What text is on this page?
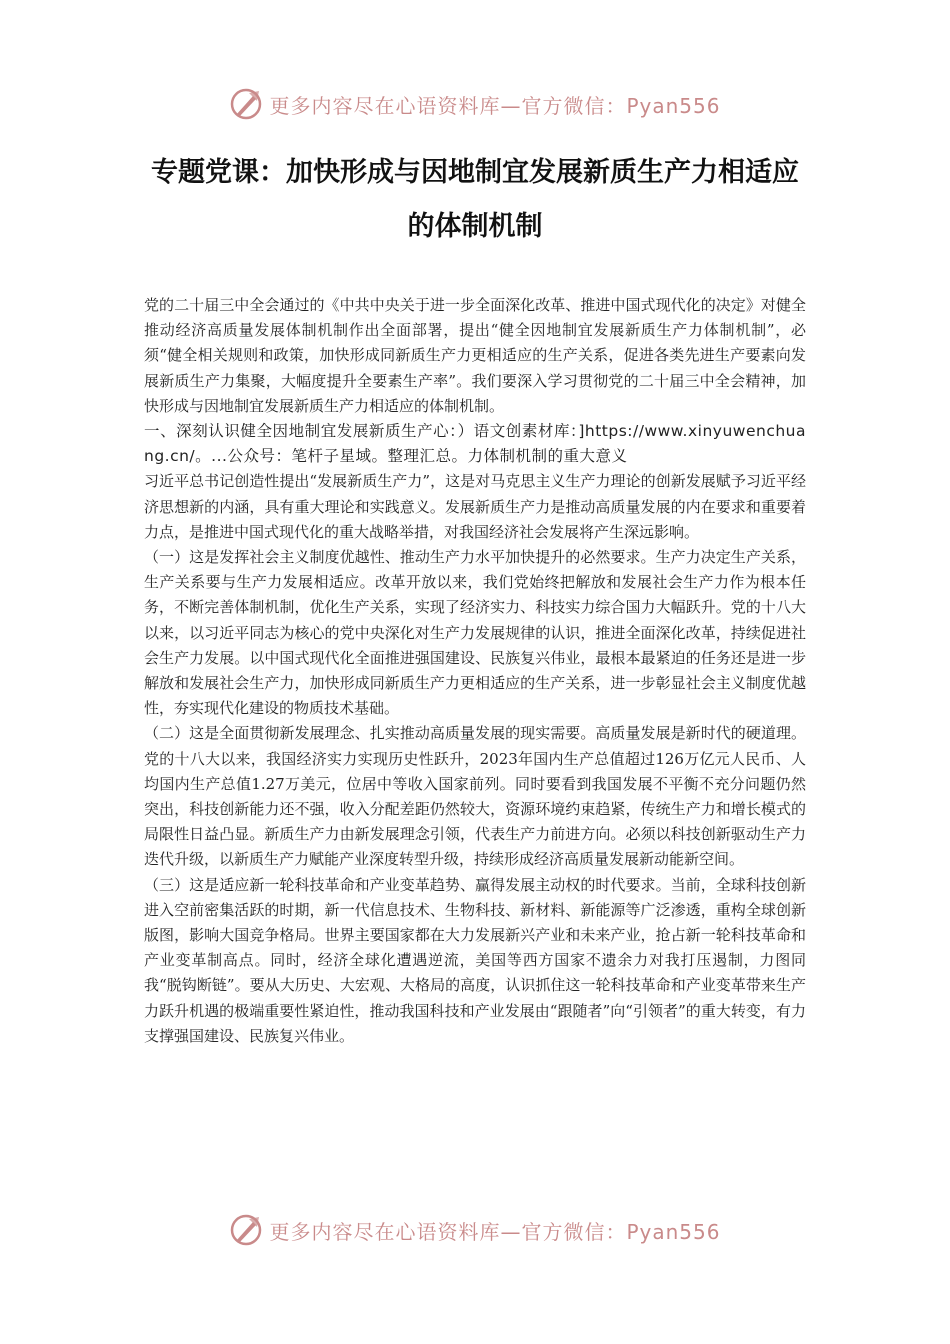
更多内容尽在心语资料库—官方微信：Pyan556
专题党课：加快形成与因地制宜发展新质生产力相适应的体制机制

党的二十届三中全会通过的《中共中央关于进一步全面深化改革、推进中国式现代化的决定》对健全推动经济高质量发展体制机制作出全面部署，提出“健全因地制宜发展新质生产力体制机制”，必须“健全相关规则和政策，加快形成同新质生产力更相适应的生产关系，促进各类先进生产要素向发展新质生产力集聚，大幅度提升全要素生产率”。我们要深入学习贯彻党的二十届三中全会精神，加快形成与因地制宜发展新质生产力相适应的体制机制。

一、深刻认识健全因地制宜发展新质生产心：）语文创素材库：]https://www.xinyuwenchuang.cn/。...公众号：笔杆子星域。整理汇总。力体制机制的重大意义

习近平总书记创造性提出“发展新质生产力”，这是对马克思主义生产力理论的创新发展赋予习近平经济思想新的内涵，具有重大理论和实践意义。发展新质生产力是推动高质量发展的内在要求和重要着力点，是推进中国式现代化的重大战略举措，对我国经济社会发展将产生深远影响。

（一）这是发挥社会主义制度优越性、推动生产力水平加快提升的必然要求。生产力决定生产关系，生产关系要与生产力发展相适应。改革开放以来，我们党始终把解放和发展社会生产力作为根本任务，不断完善体制机制，优化生产关系，实现了经济实力、科技实力综合国力大幅跃升。党的十八大以来，以习近平同志为核心的党中央深化对生产力发展规律的认识，推进全面深化改革，持续促进社会生产力发展。以中国式现代化全面推进强国建设、民族复兴伟业，最根本最紧迫的任务还是进一步解放和发展社会生产力，加快形成同新质生产力更相适应的生产关系，进一步彰显社会主义制度优越性，夯实现代化建设的物质技术基础。

（二）这是全面贯彻新发展理念、扎实推动高质量发展的现实需要。高质量发展是新时代的硬道理。党的十八大以来，我国经济实力实现历史性跃升，2023年国内生产总值超过126万亿元人民币、人均国内生产总值1.27万美元，位居中等收入国家前列。同时要看到我国发展不平衡不充分问题仍然突出，科技创新能力还不强，收入分配差距仍然较大，资源环境约束趋紧，传统生产力和增长模式的局限性日益凸显。新质生产力由新发展理念引领，代表生产力前进方向。必须以科技创新驱动生产力迭代升级，以新质生产力赋能产业深度转型升级，持续形成经济高质量发展新动能新空间。

（三）这是适应新一轮科技革命和产业变革趋势、赢得发展主动权的时代要求。当前，全球科技创新进入空前密集活跃的时期，新一代信息技术、生物科技、新材料、新能源等广泛渗透，重构全球创新版图，影响大国竞争格局。世界主要国家都在大力发展新兴产业和未来产业，抢占新一轮科技革命和产业变革制高点。同时，经济全球化遭遇逆流，美国等西方国家不遗余力对我打压遏制，力图同我“脱钩断链”。要从大历史、大宏观、大格局的高度，认识抓住这一轮科技革命和产业变革带来生产力跃升机遇的极端重要性紧迫性，推动我国科技和产业发展由“跟随者”向“引领者”的重大转变，有力支撑强国建设、民族复兴伟业。

更多内容尽在心语资料库—官方微信：Pyan556
